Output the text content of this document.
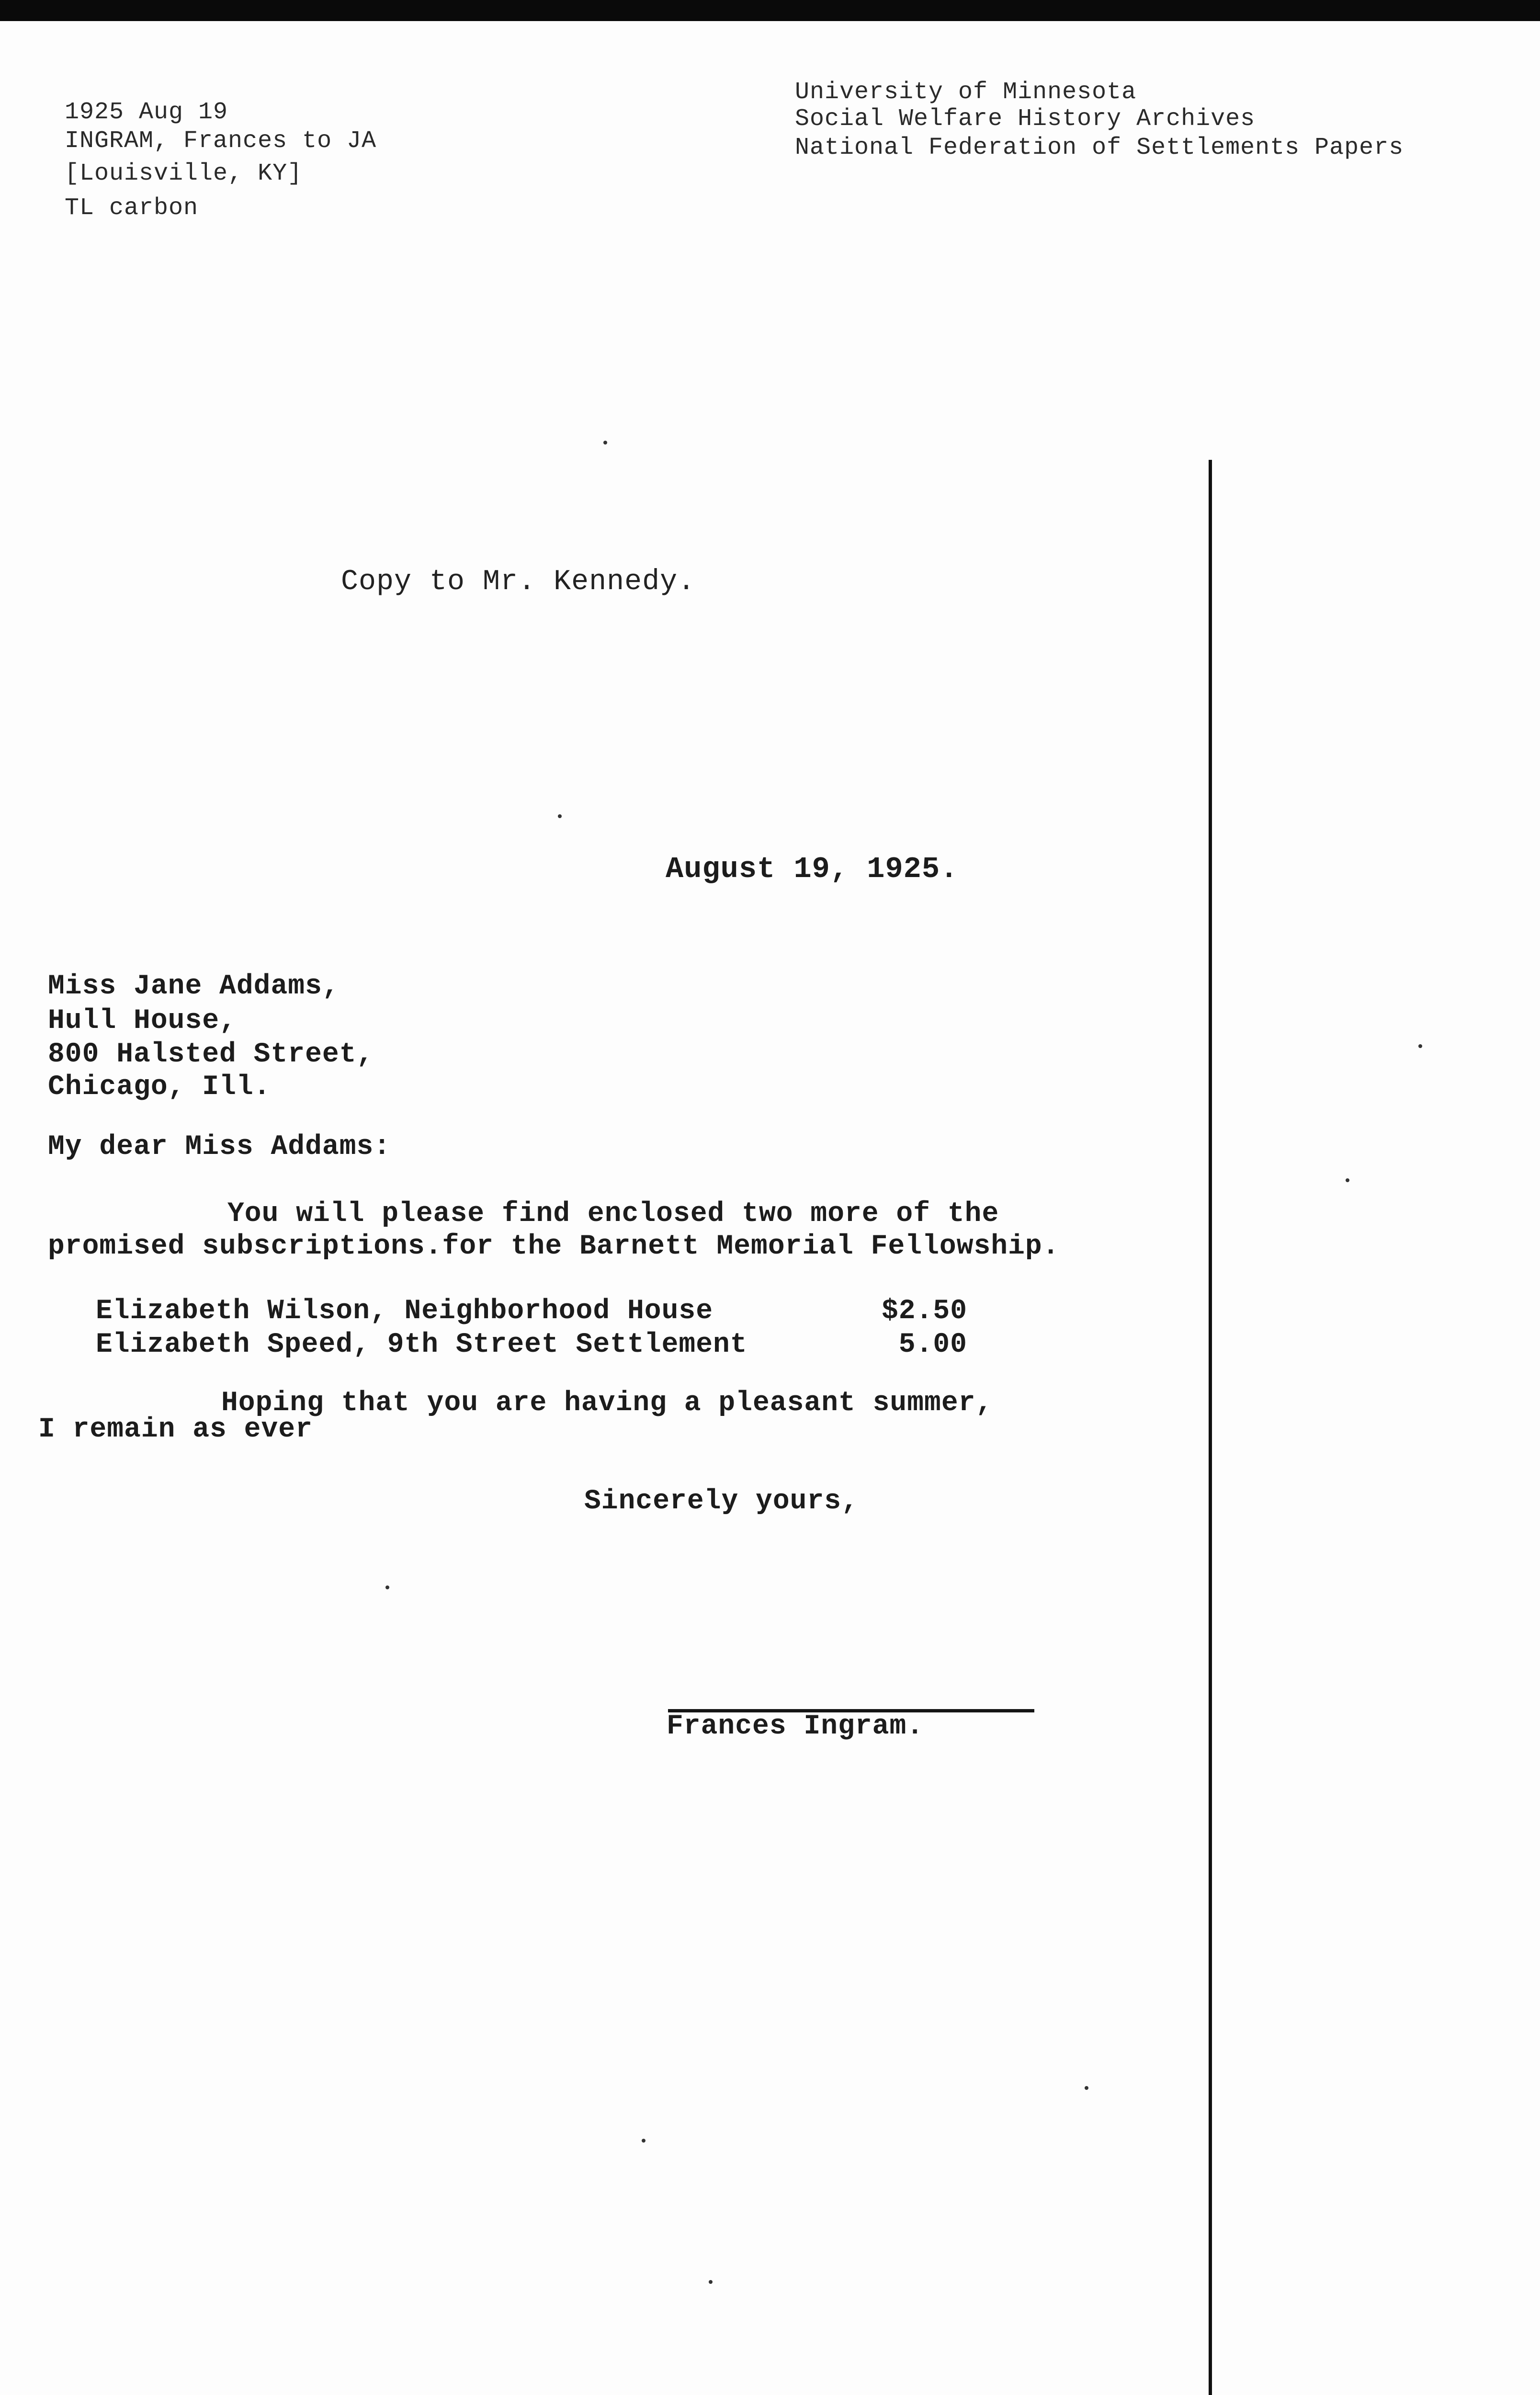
1925 Aug 19
INGRAM, Frances to JA
[Louisville, KY]
TL carbon
University of Minnesota
Social Welfare History Archives
National Federation of Settlements Papers
Copy to Mr. Kennedy.
August 19, 1925.
Miss Jane Addams,
Hull House,
800 Halsted Street,
Chicago, Ill.
My dear Miss Addams:
You will please find enclosed two more of the
promised subscriptions.for the Barnett Memorial Fellowship.
Elizabeth Wilson, Neighborhood House	$2.50
Elizabeth Speed, 9th Street Settlement	5.00
Hoping that you are having a pleasant summer,
I remain as ever
Sincerely yours,
Frances Ingram.
